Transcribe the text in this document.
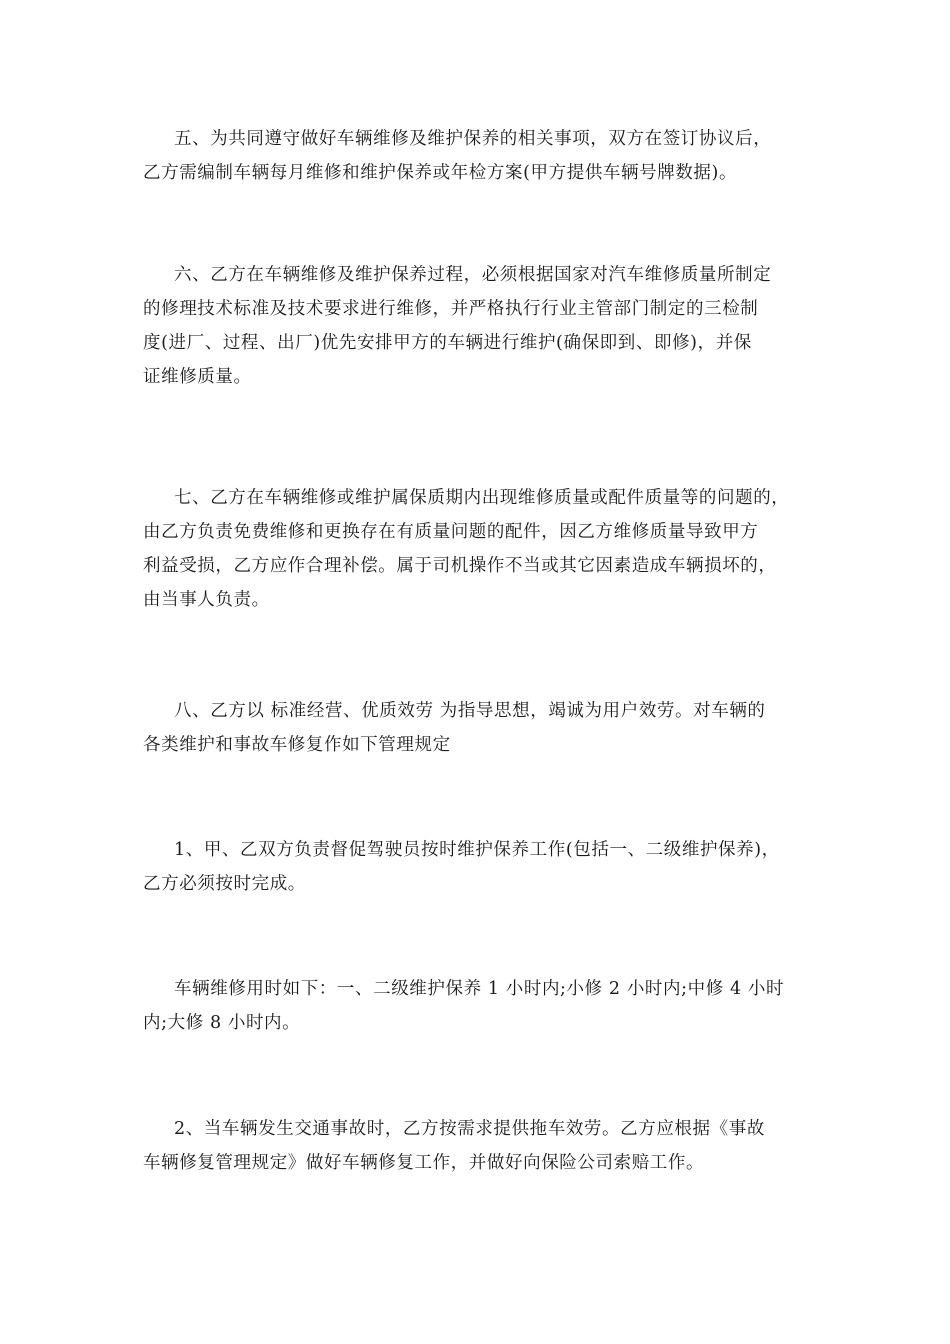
五、为共同遵守做好车辆维修及维护保养的相关事项，双方在签订协议后，
乙方需编制车辆每月维修和维护保养或年检方案(甲方提供车辆号牌数据)。
六、乙方在车辆维修及维护保养过程，必须根据国家对汽车维修质量所制定
的修理技术标准及技术要求进行维修，并严格执行行业主管部门制定的三检制
度(进厂、过程、出厂)优先安排甲方的车辆进行维护(确保即到、即修)，并保
证维修质量。
七、乙方在车辆维修或维护属保质期内出现维修质量或配件质量等的问题的，
由乙方负责免费维修和更换存在有质量问题的配件，因乙方维修质量导致甲方
利益受损，乙方应作合理补偿。属于司机操作不当或其它因素造成车辆损坏的，
由当事人负责。
八、乙方以 标准经营、优质效劳 为指导思想，竭诚为用户效劳。对车辆的
各类维护和事故车修复作如下管理规定
1、甲、乙双方负责督促驾驶员按时维护保养工作(包括一、二级维护保养)，
乙方必须按时完成。
车辆维修用时如下：一、二级维护保养 1 小时内;小修 2 小时内;中修 4 小时
内;大修 8 小时内。
2、当车辆发生交通事故时，乙方按需求提供拖车效劳。乙方应根据《事故
车辆修复管理规定》做好车辆修复工作，并做好向保险公司索赔工作。
